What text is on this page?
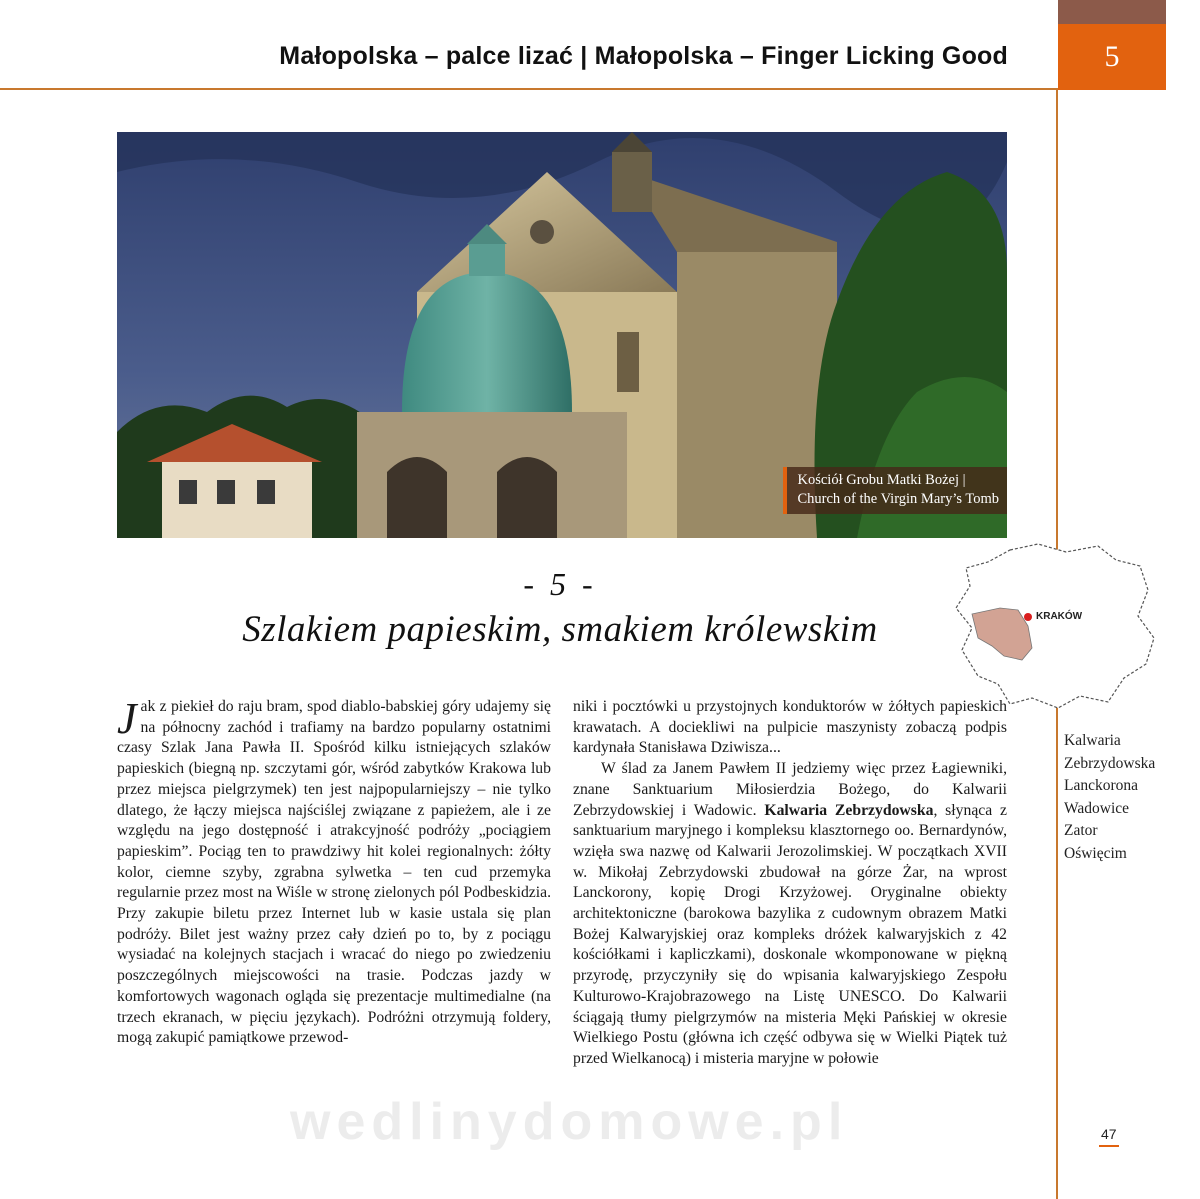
5
Małopolska – palce lizać | Małopolska – Finger Licking Good
Kościół Grobu Matki Bożej |
Church of the Virgin Mary’s Tomb
- 5 -
Szlakiem papieskim, smakiem królewskim	KRAKÓW
Kalwaria
Zebrzydowska
Lanckorona
Wadowice
Zator
Oświęcim

Jak z piekieł do raju bram, spod diablo-babskiej góry udajemy się na północny zachód i trafiamy na bardzo popularny ostatnimi czasy Szlak Jana Pawła II. Spośród kilku istniejących szlaków papieskich (biegną np. szczytami gór, wśród zabytków Krakowa lub przez miejsca pielgrzymek) ten jest najpopularniejszy – nie tylko dlatego, że łączy miejsca najściślej związane z papieżem, ale i ze względu na jego dostępność i atrakcyjność podróży „pociągiem papieskim”. Pociąg ten to prawdziwy hit kolei regionalnych: żółty kolor, ciemne szyby, zgrabna sylwetka – ten cud przemyka regularnie przez most na Wiśle w stronę zielonych pól Podbeskidzia. Przy zakupie biletu przez Internet lub w kasie ustala się plan podróży. Bilet jest ważny przez cały dzień po to, by z pociągu wysiadać na kolejnych stacjach i wracać do niego po zwiedzeniu poszczególnych miejscowości na trasie. Podczas jazdy w komfortowych wagonach ogląda się prezentacje multimedialne (na trzech ekranach, w pięciu językach). Podróżni otrzymują foldery, mogą zakupić pamiątkowe przewod-

niki i pocztówki u przystojnych konduktorów w żółtych papieskich krawatach. A dociekliwi na pulpicie maszynisty zobaczą podpis kardynała Stanisława Dziwisza...

W ślad za Janem Pawłem II jedziemy więc przez Łagiewniki, znane Sanktuarium Miłosierdzia Bożego, do Kalwarii Zebrzydowskiej i Wadowic. Kalwaria Zebrzydowska, słynąca z sanktuarium maryjnego i kompleksu klasztornego oo. Bernardynów, wzięła swa nazwę od Kalwarii Jerozolimskiej. W początkach XVII w. Mikołaj Zebrzydowski zbudował na górze Żar, na wprost Lanckorony, kopię Drogi Krzyżowej. Oryginalne obiekty architektoniczne (barokowa bazylika z cudownym obrazem Matki Bożej Kalwaryjskiej oraz kompleks dróżek kalwaryjskich z 42 kościółkami i kapliczkami), doskonale wkomponowane w piękną przyrodę, przyczyniły się do wpisania kalwaryjskiego Zespołu Kulturowo-Krajobrazowego na Listę UNESCO. Do Kalwarii ściągają tłumy pielgrzymów na misteria Męki Pańskiej w okresie Wielkiego Postu (główna ich część odbywa się w Wielki Piątek tuż przed Wielkanocą) i misteria maryjne w połowie

wedlinydomowe.pl	47
